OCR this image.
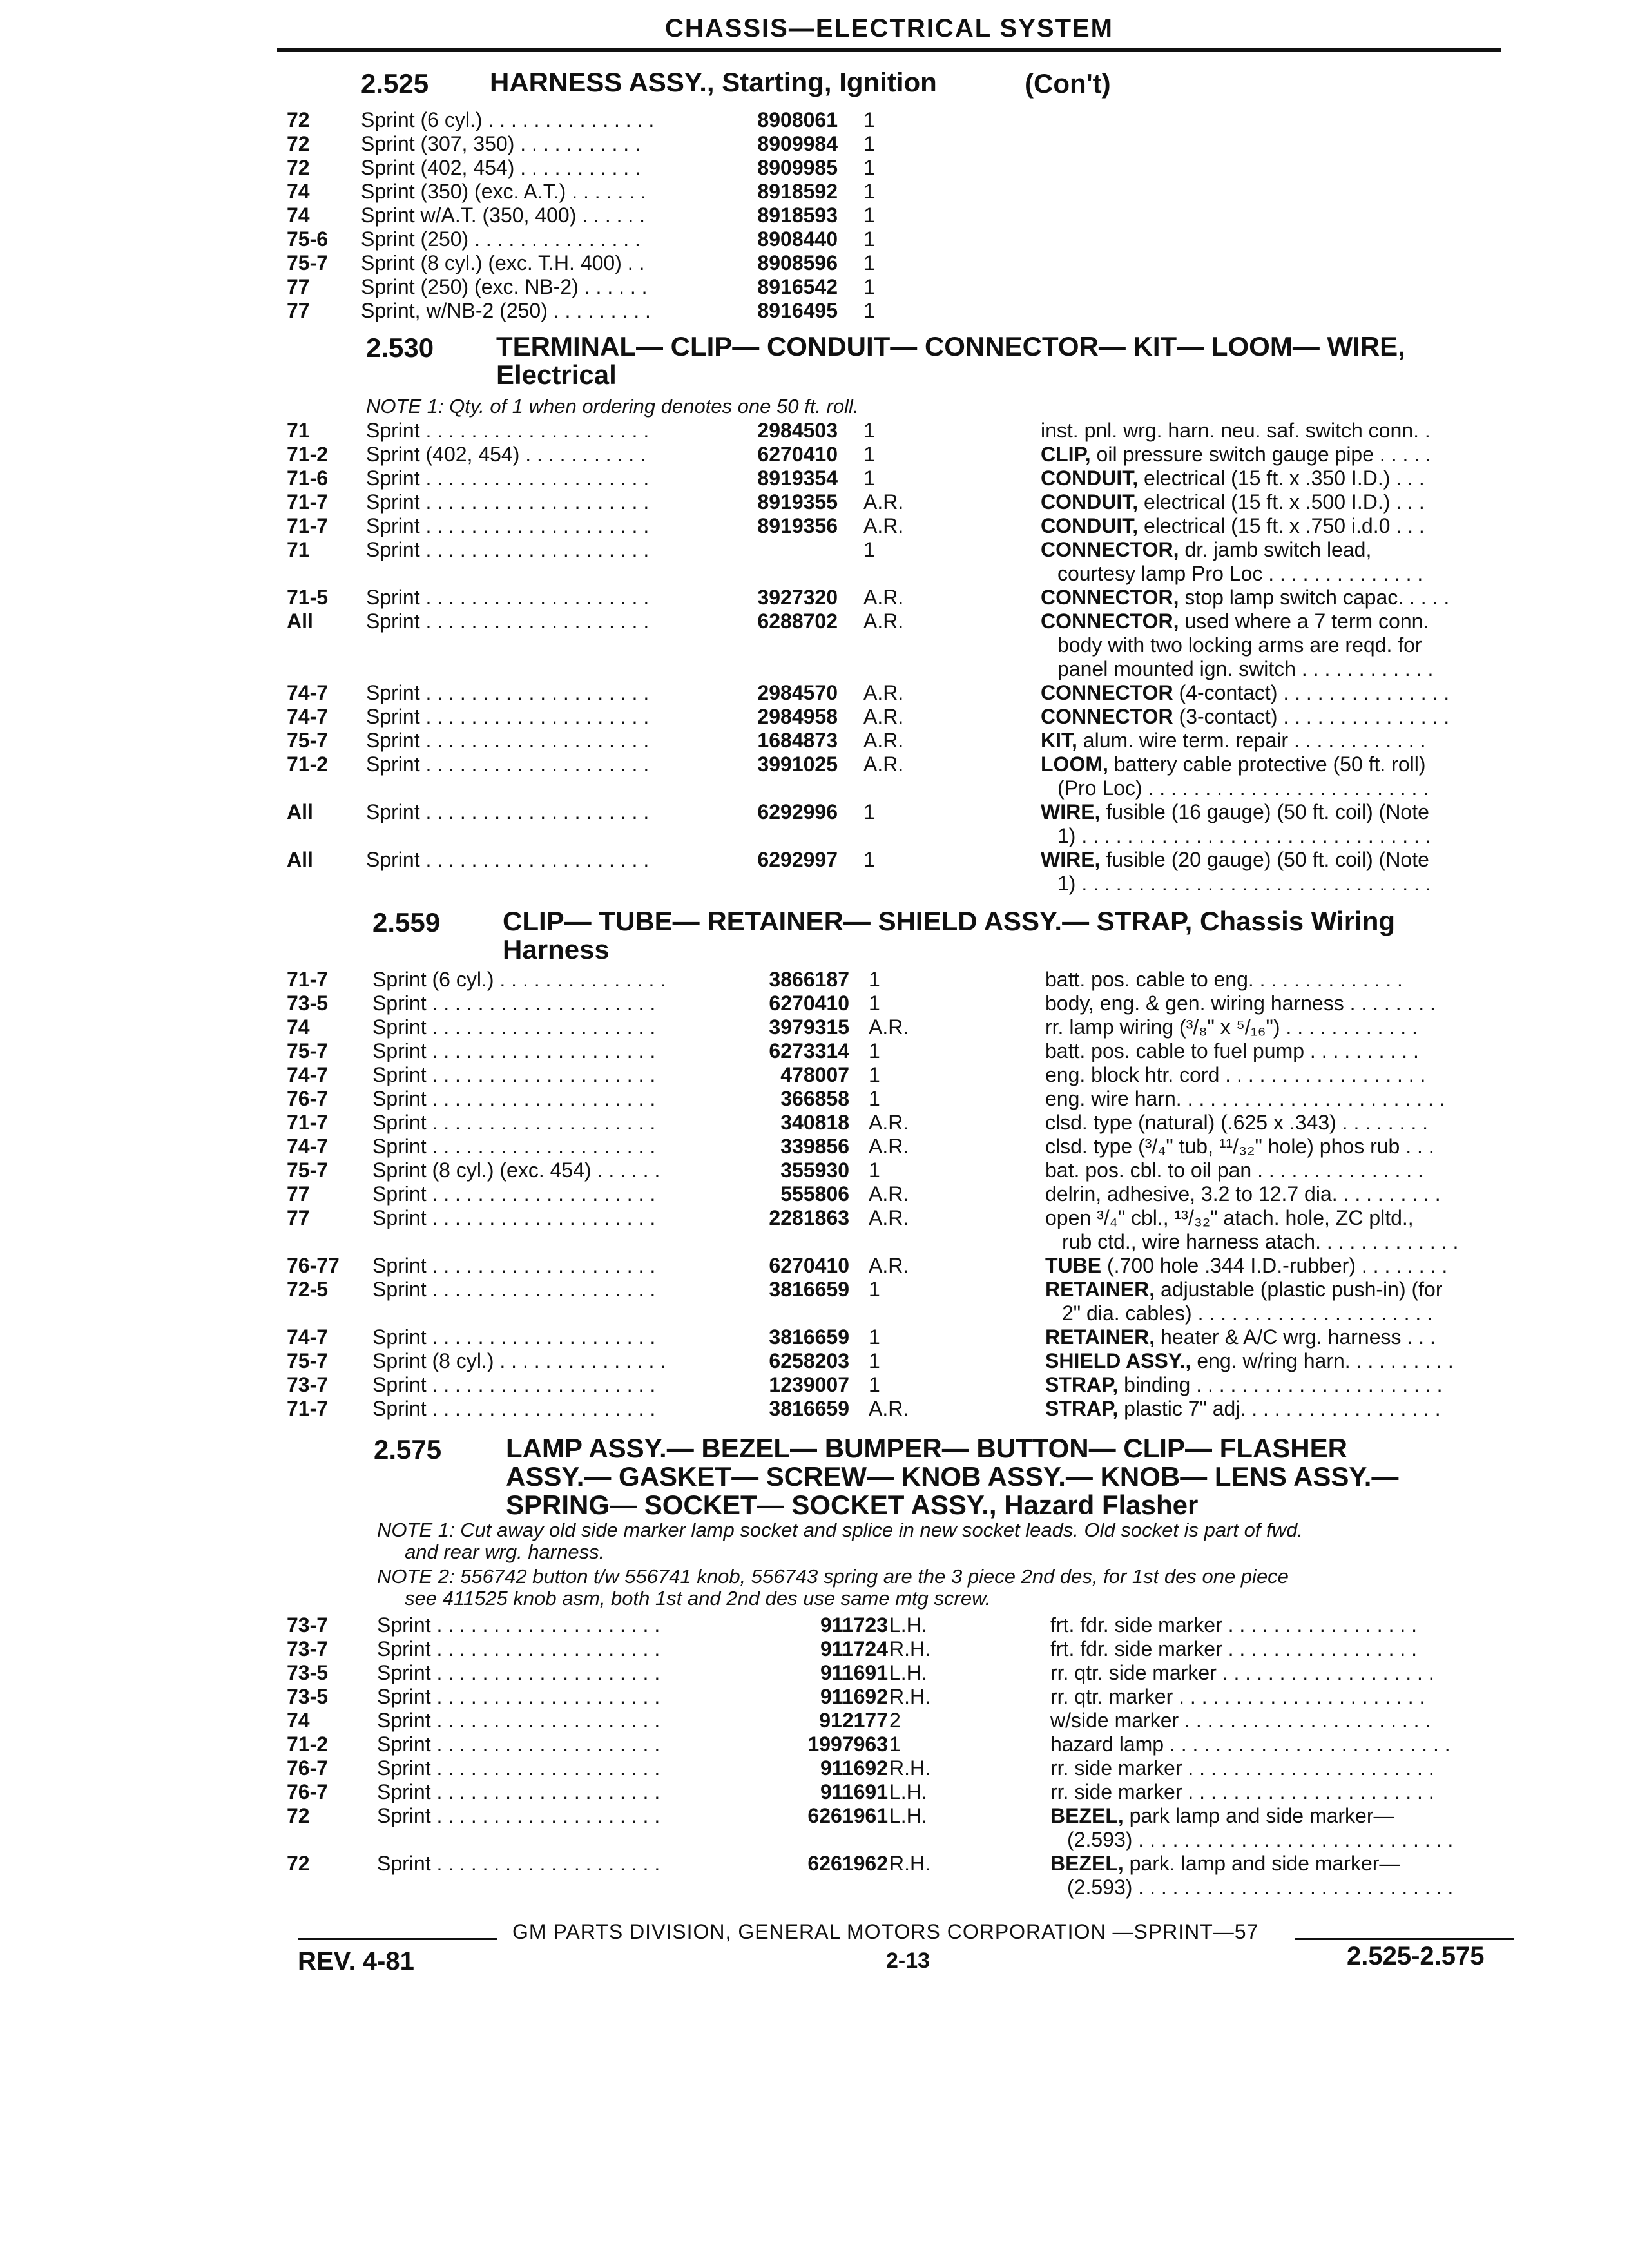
CHASSIS—ELECTRICAL SYSTEM
2.525 HARNESS ASSY., Starting, Ignition	(Con't)
72 Sprint (6 cyl.) . . . . . . . . . . . . . . .	8908061 1
72 Sprint (307, 350) . . . . . . . . . . .	8909984 1
72 Sprint (402, 454) . . . . . . . . . . .	8909985 1
74 Sprint (350) (exc. A.T.) . . . . . . .	8918592 1
74 Sprint w/A.T. (350, 400) . . . . . .	8918593 1
75-6 Sprint (250) . . . . . . . . . . . . . . .	8908440 1
75-7 Sprint (8 cyl.) (exc. T.H. 400) . .	8908596 1
77 Sprint (250) (exc. NB-2) . . . . . .	8916542 1
77 Sprint, w/NB-2 (250) . . . . . . . . .	8916495 1
2.530 TERMINAL— CLIP— CONDUIT— CONNECTOR— KIT— LOOM— WIRE,
Electrical
NOTE 1: Qty. of 1 when ordering denotes one 50 ft. roll.
71	Sprint . . . . . . . . . . . . . . . . . . . .	2984503 1	inst. pnl. wrg. harn. neu. saf. switch conn. .
71-2 Sprint (402, 454) . . . . . . . . . . .	6270410 1	CLIP, oil pressure switch gauge pipe . . . . .
71-6 Sprint . . . . . . . . . . . . . . . . . . . .	8919354 1	CONDUIT, electrical (15 ft. x .350 I.D.) . . .
71-7 Sprint . . . . . . . . . . . . . . . . . . . .	8919355 A.R.	CONDUIT, electrical (15 ft. x .500 I.D.) . . .
71-7 Sprint . . . . . . . . . . . . . . . . . . . .	8919356 A.R.	CONDUIT, electrical (15 ft. x .750 i.d.0 . . .
71	Sprint . . . . . . . . . . . . . . . . . . . .	1	CONNECTOR, dr. jamb switch lead,
courtesy lamp Pro Loc . . . . . . . . . . . . . .
71-5 Sprint . . . . . . . . . . . . . . . . . . . .	3927320 A.R.	CONNECTOR, stop lamp switch capac. . . . .
All	Sprint . . . . . . . . . . . . . . . . . . . .	6288702 A.R.	CONNECTOR, used where a 7 term conn.
body with two locking arms are reqd. for
panel mounted ign. switch . . . . . . . . . . . .
74-7 Sprint . . . . . . . . . . . . . . . . . . . .	2984570 A.R.	CONNECTOR (4-contact) . . . . . . . . . . . . . . .
74-7 Sprint . . . . . . . . . . . . . . . . . . . .	2984958 A.R.	CONNECTOR (3-contact) . . . . . . . . . . . . . . .
75-7 Sprint . . . . . . . . . . . . . . . . . . . .	1684873 A.R.	KIT, alum. wire term. repair . . . . . . . . . . . .
71-2 Sprint . . . . . . . . . . . . . . . . . . . .	3991025 A.R.	LOOM, battery cable protective (50 ft. roll)
(Pro Loc) . . . . . . . . . . . . . . . . . . . . . . . . .
All	Sprint . . . . . . . . . . . . . . . . . . . .	6292996 1	WIRE, fusible (16 gauge) (50 ft. coil) (Note
1) . . . . . . . . . . . . . . . . . . . . . . . . . . . . . . .
All	Sprint . . . . . . . . . . . . . . . . . . . .	6292997 1	WIRE, fusible (20 gauge) (50 ft. coil) (Note
1) . . . . . . . . . . . . . . . . . . . . . . . . . . . . . . .
2.559 CLIP— TUBE— RETAINER— SHIELD ASSY.— STRAP, Chassis Wiring
Harness
71-7 Sprint (6 cyl.) . . . . . . . . . . . . . . .	3866187 1	batt. pos. cable to eng. . . . . . . . . . . . . .
73-5 Sprint . . . . . . . . . . . . . . . . . . . .	6270410 1	body, eng. & gen. wiring harness . . . . . . . .
74	Sprint . . . . . . . . . . . . . . . . . . . .	3979315 A.R.	rr. lamp wiring (³/₈" x ⁵/₁₆") . . . . . . . . . . . .
75-7 Sprint . . . . . . . . . . . . . . . . . . . .	6273314 1	batt. pos. cable to fuel pump . . . . . . . . . .
74-7 Sprint . . . . . . . . . . . . . . . . . . . .	478007 1	eng. block htr. cord . . . . . . . . . . . . . . . . . .
76-7 Sprint . . . . . . . . . . . . . . . . . . . .	366858 1	eng. wire harn. . . . . . . . . . . . . . . . . . . . . . . .
71-7 Sprint . . . . . . . . . . . . . . . . . . . .	340818 A.R.	clsd. type (natural) (.625 x .343) . . . . . . . .
74-7 Sprint . . . . . . . . . . . . . . . . . . . .	339856 A.R.	clsd. type (³/₄" tub, ¹¹/₃₂" hole) phos rub . . .
75-7 Sprint (8 cyl.) (exc. 454) . . . . . .	355930 1	bat. pos. cbl. to oil pan . . . . . . . . . . . . . . .
77	Sprint . . . . . . . . . . . . . . . . . . . .	555806 A.R.	delrin, adhesive, 3.2 to 12.7 dia. . . . . . . . . .
77	Sprint . . . . . . . . . . . . . . . . . . . .	2281863 A.R.	open ³/₄" cbl., ¹³/₃₂" atach. hole, ZC pltd.,
rub ctd., wire harness atach. . . . . . . . . . . . .
76-77 Sprint . . . . . . . . . . . . . . . . . . . .	6270410 A.R.	TUBE (.700 hole .344 I.D.-rubber) . . . . . . . .
72-5 Sprint . . . . . . . . . . . . . . . . . . . .	3816659 1	RETAINER, adjustable (plastic push-in) (for
2" dia. cables) . . . . . . . . . . . . . . . . . . . . .
74-7 Sprint . . . . . . . . . . . . . . . . . . . .	3816659 1	RETAINER, heater & A/C wrg. harness . . .
75-7 Sprint (8 cyl.) . . . . . . . . . . . . . . .	6258203 1	SHIELD ASSY., eng. w/ring harn. . . . . . . . . .
73-7 Sprint . . . . . . . . . . . . . . . . . . . .	1239007 1	STRAP, binding . . . . . . . . . . . . . . . . . . . . . .
71-7 Sprint . . . . . . . . . . . . . . . . . . . .	3816659 A.R.	STRAP, plastic 7" adj. . . . . . . . . . . . . . . . . .
2.575 LAMP ASSY.— BEZEL— BUMPER— BUTTON— CLIP— FLASHER
ASSY.— GASKET— SCREW— KNOB ASSY.— KNOB— LENS ASSY.—
SPRING— SOCKET— SOCKET ASSY., Hazard Flasher
NOTE 1: Cut away old side marker lamp socket and splice in new socket leads. Old socket is part of fwd.
and rear wrg. harness.
NOTE 2: 556742 button t/w 556741 knob, 556743 spring are the 3 piece 2nd des, for 1st des one piece
see 411525 knob asm, both 1st and 2nd des use same mtg screw.
73-7 Sprint . . . . . . . . . . . . . . . . . . . .	911723 L.H.	frt. fdr. side marker . . . . . . . . . . . . . . . . .
73-7 Sprint . . . . . . . . . . . . . . . . . . . .	911724 R.H.	frt. fdr. side marker . . . . . . . . . . . . . . . . .
73-5 Sprint . . . . . . . . . . . . . . . . . . . .	911691 L.H.	rr. qtr. side marker . . . . . . . . . . . . . . . . . . .
73-5 Sprint . . . . . . . . . . . . . . . . . . . .	911692 R.H.	rr. qtr. marker . . . . . . . . . . . . . . . . . . . . . .
74	Sprint . . . . . . . . . . . . . . . . . . . .	912177 2	w/side marker . . . . . . . . . . . . . . . . . . . . . .
71-2 Sprint . . . . . . . . . . . . . . . . . . . .	1997963 1	hazard lamp . . . . . . . . . . . . . . . . . . . . . . . . .
76-7 Sprint . . . . . . . . . . . . . . . . . . . .	911692 R.H.	rr. side marker . . . . . . . . . . . . . . . . . . . . . .
76-7 Sprint . . . . . . . . . . . . . . . . . . . .	911691 L.H.	rr. side marker . . . . . . . . . . . . . . . . . . . . . .
72	Sprint . . . . . . . . . . . . . . . . . . . .	6261961 L.H.	BEZEL, park lamp and side marker—
(2.593) . . . . . . . . . . . . . . . . . . . . . . . . . . . .
72	Sprint . . . . . . . . . . . . . . . . . . . .	6261962 R.H.	BEZEL, park. lamp and side marker—
(2.593) . . . . . . . . . . . . . . . . . . . . . . . . . . . .
GM PARTS DIVISION, GENERAL MOTORS CORPORATION —SPRINT—57
REV. 4-81	2-13	2.525-2.575
